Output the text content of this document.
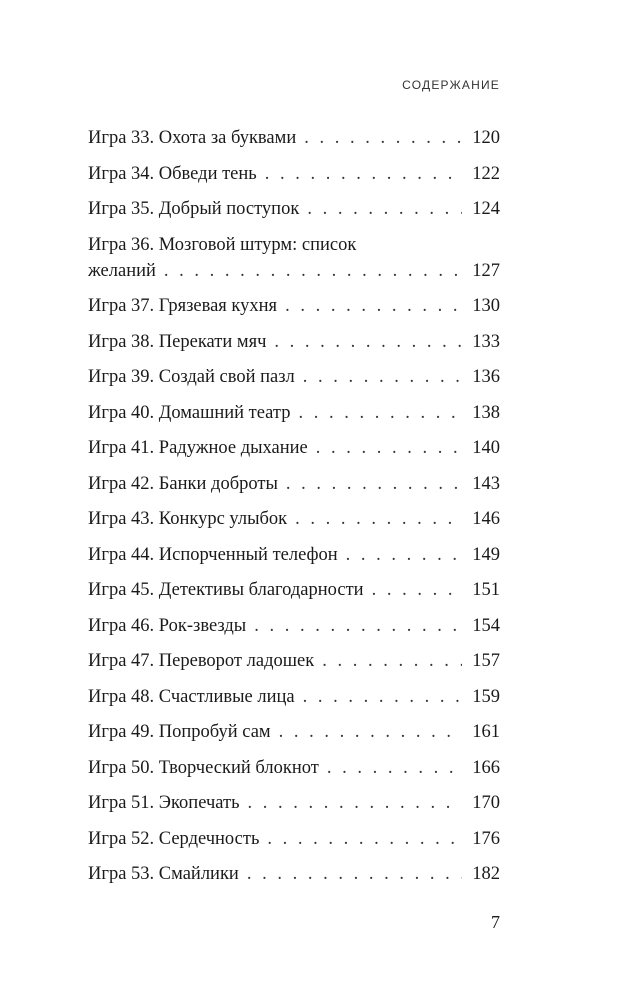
СОДЕРЖАНИЕ
Игра 33. Охота за буквами . . .	120
Игра 34. Обведи тень . . .	122
Игра 35. Добрый поступок . . .	124
Игра 36. Мозговой штурм: список
желаний . . .	127
Игра 37. Грязевая кухня . . .	130
Игра 38. Перекати мяч . . .	133
Игра 39. Создай свой пазл . . .	136
Игра 40. Домашний театр . . .	138
Игра 41. Радужное дыхание . . .	140
Игра 42. Банки доброты . . .	143
Игра 43. Конкурс улыбок . . .	146
Игра 44. Испорченный телефон . . .	149
Игра 45. Детективы благодарности . . .	151
Игра 46. Рок-звезды . . .	154
Игра 47. Переворот ладошек . . .	157
Игра 48. Счастливые лица . . .	159
Игра 49. Попробуй сам . . .	161
Игра 50. Творческий блокнот . . .	166
Игра 51. Экопечать . . .	170
Игра 52. Сердечность . . .	176
Игра 53. Смайлики . . .	182
7
